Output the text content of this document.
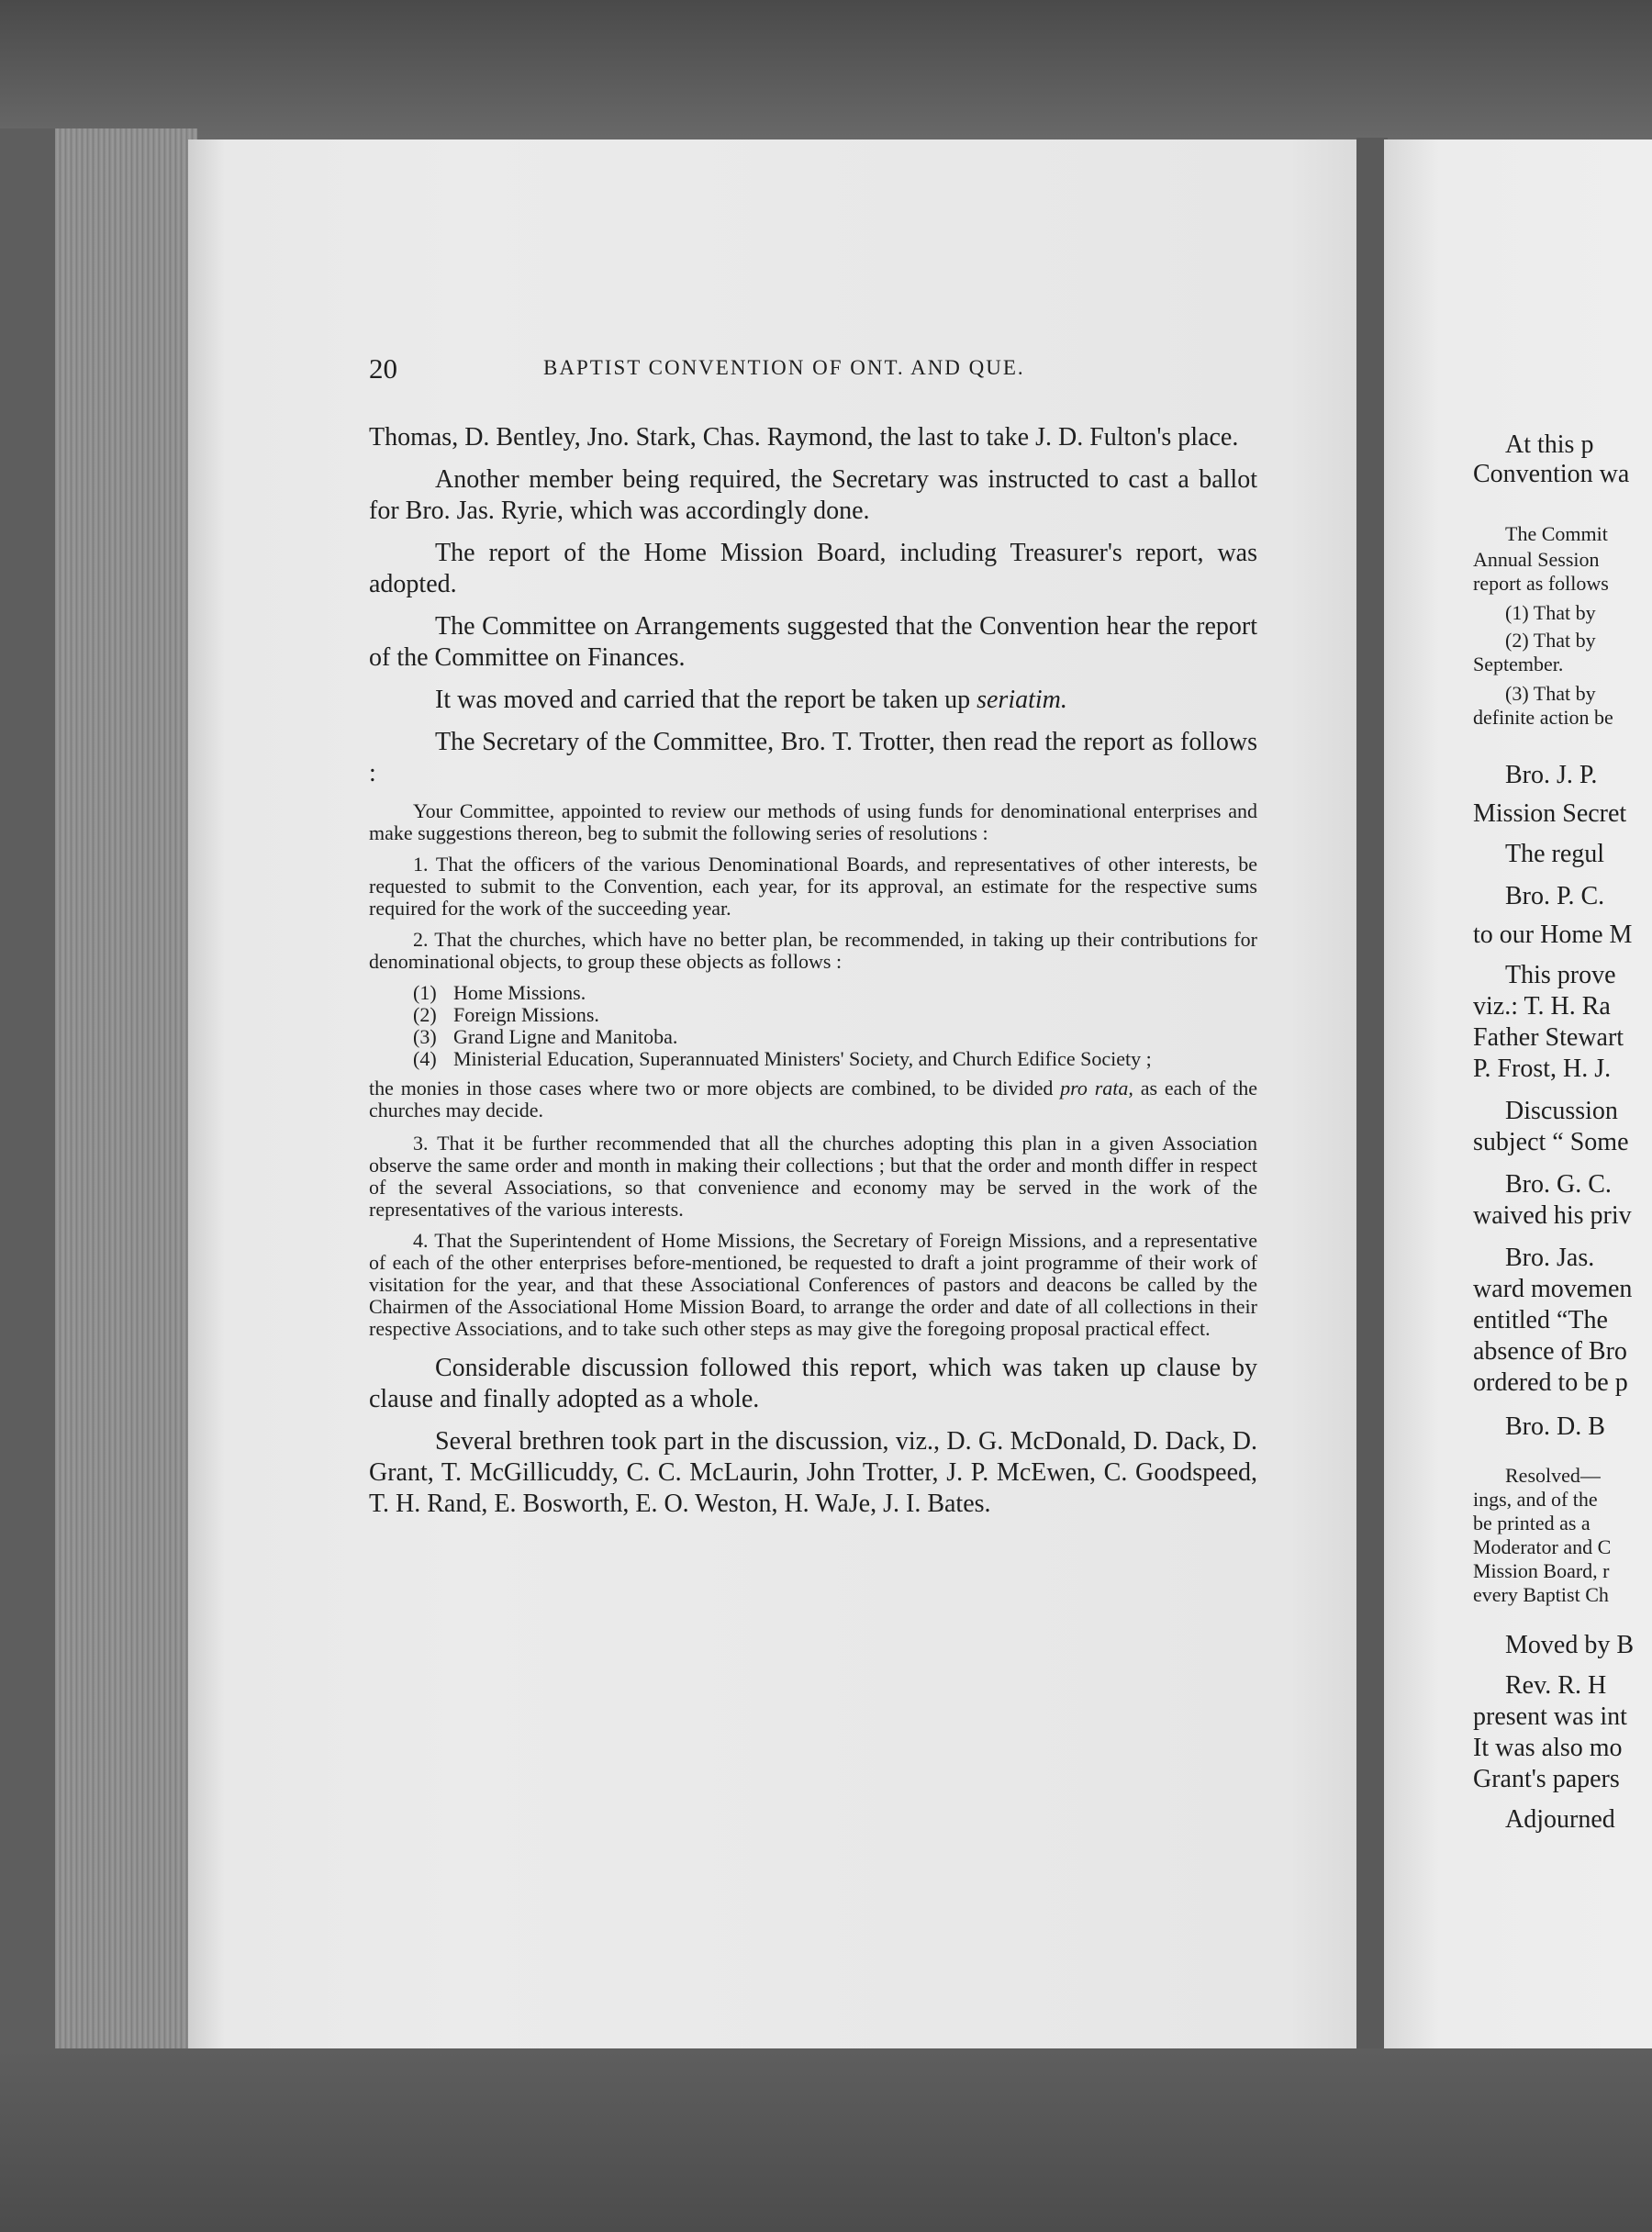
20	BAPTIST CONVENTION OF ONT. AND QUE.

Thomas, D. Bentley, Jno. Stark, Chas. Raymond, the last to take J. D. Fulton's place.

Another member being required, the Secretary was instructed to cast a ballot for Bro. Jas. Ryrie, which was accordingly done.

The report of the Home Mission Board, including Treasurer's report, was adopted.

The Committee on Arrangements suggested that the Convention hear the report of the Committee on Finances.

It was moved and carried that the report be taken up seriatim.

The Secretary of the Committee, Bro. T. Trotter, then read the report as follows :

Your Committee, appointed to review our methods of using funds for denominational enterprises and make suggestions thereon, beg to submit the following series of resolutions :

1. That the officers of the various Denominational Boards, and representatives of other interests, be requested to submit to the Convention, each year, for its approval, an estimate for the respective sums required for the work of the succeeding year.

2. That the churches, which have no better plan, be recommended, in taking up their contributions for denominational objects, to group these objects as follows :

(1) Home Missions.
(2) Foreign Missions.
(3) Grand Ligne and Manitoba.
(4) Ministerial Education, Superannuated Ministers' Society, and Church Edifice Society ;

the monies in those cases where two or more objects are combined, to be divided pro rata, as each of the churches may decide.

3. That it be further recommended that all the churches adopting this plan in a given Association observe the same order and month in making their collections ; but that the order and month differ in respect of the several Associations, so that convenience and economy may be served in the work of the representatives of the various interests.

4. That the Superintendent of Home Missions, the Secretary of Foreign Missions, and a representative of each of the other enterprises before-mentioned, be requested to draft a joint programme of their work of visitation for the year, and that these Associational Conferences of pastors and deacons be called by the Chairmen of the Associational Home Mission Board, to arrange the order and date of all collections in their respective Associations, and to take such other steps as may give the foregoing proposal practical effect.

Considerable discussion followed this report, which was taken up clause by clause and finally adopted as a whole.

Several brethren took part in the discussion, viz., D. G. McDonald, D. Dack, D. Grant, T. McGillicuddy, C. C. McLaurin, John Trotter, J. P. McEwen, C. Goodspeed, T. H. Rand, E. Bosworth, E. O. Weston, H. WaJe, J. I. Bates.

At this p
Convention wa
The Commit
Annual Session
report as follows
(1) That by
(2) That by
September.
(3) That by
definite action be
Bro. J. P.
Mission Secret
The regul
Bro. P. C.
to our Home M
This prove
viz.: T. H. Ra
Father Stewart
P. Frost, H. J.
Discussion
subject “ Some
Bro. G. C.
waived his priv
Bro. Jas.
ward movemen
entitled “The
absence of Bro
ordered to be p
Bro. D. B
Resolved—
ings, and of the
be printed as a
Moderator and C
Mission Board, r
every Baptist Ch
Moved by B
Rev. R. H
present was int
It was also mo
Grant's papers
Adjourned
